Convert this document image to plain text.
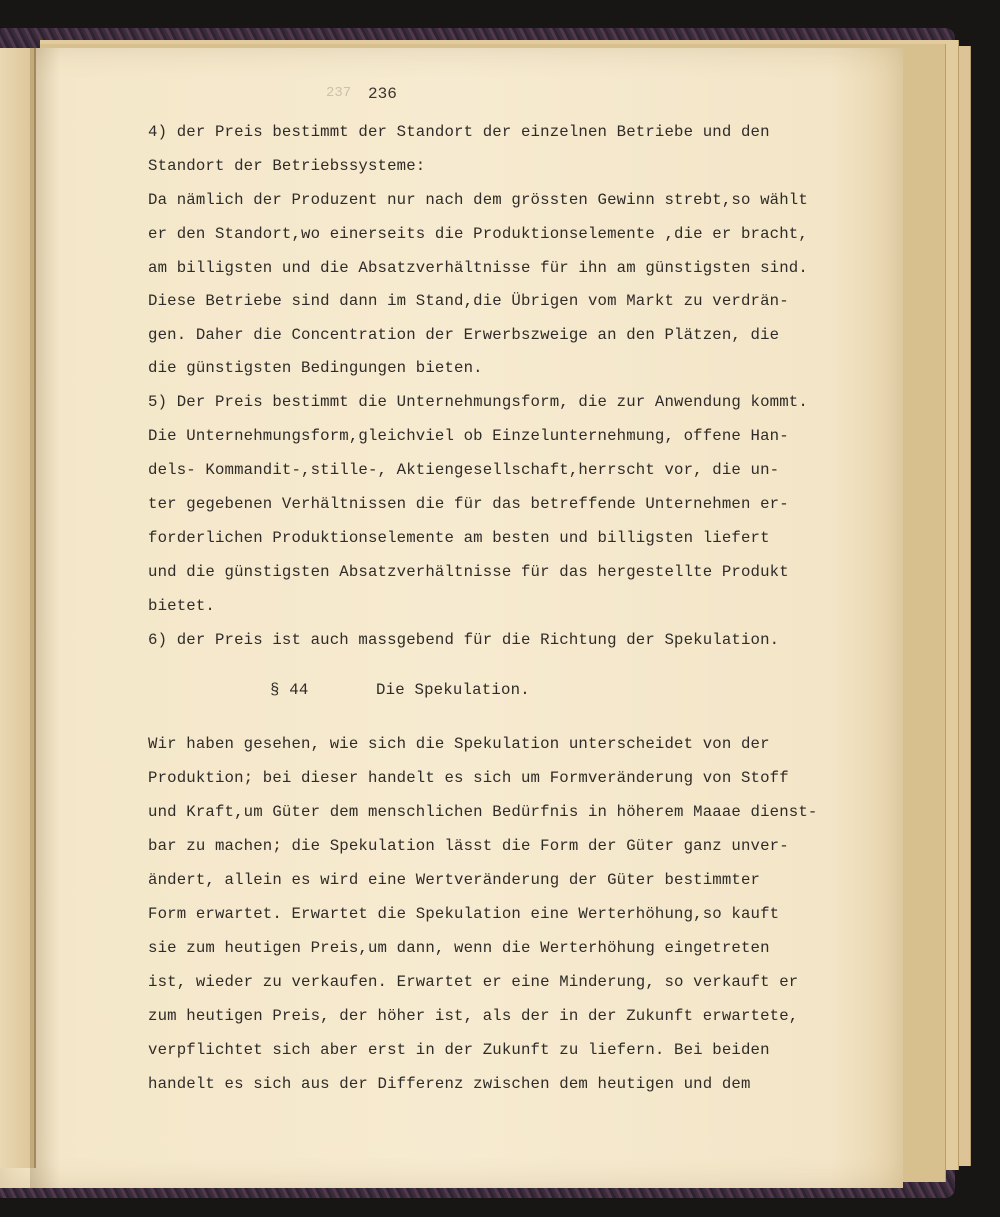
237 236
4) der Preis bestimmt der Standort der einzelnen Betriebe und den
Standort der Betriebssysteme:
Da nämlich der Produzent nur nach dem grössten Gewinn strebt,so wählt
er den Standort,wo einerseits die Produktionselemente ,die er bracht,
am billigsten und die Absatzverhältnisse für ihn am günstigsten sind.
Diese Betriebe sind dann im Stand,die Übrigen vom Markt zu verdrän-
gen. Daher die Concentration der Erwerbszweige an den Plätzen, die
die günstigsten Bedingungen bieten.
5) Der Preis bestimmt die Unternehmungsform, die zur Anwendung kommt.
Die Unternehmungsform,gleichviel ob Einzelunternehmung, offene Han-
dels- Kommandit-,stille-, Aktiengesellschaft,herrscht vor, die un-
ter gegebenen Verhältnissen die für das betreffende Unternehmen er-
forderlichen Produktionselemente am besten und billigsten liefert
und die günstigsten Absatzverhältnisse für das hergestellte Produkt
bietet.
6) der Preis ist auch massgebend für die Richtung der Spekulation.
§ 44	Die Spekulation.
Wir haben gesehen, wie sich die Spekulation unterscheidet von der
Produktion; bei dieser handelt es sich um Formveränderung von Stoff
und Kraft,um Güter dem menschlichen Bedürfnis in höherem Maaae dienst-
bar zu machen; die Spekulation lässt die Form der Güter ganz unver-
ändert, allein es wird eine Wertveränderung der Güter bestimmter
Form erwartet. Erwartet die Spekulation eine Werterhöhung,so kauft
sie zum heutigen Preis,um dann, wenn die Werterhöhung eingetreten
ist, wieder zu verkaufen. Erwartet er eine Minderung, so verkauft er
zum heutigen Preis, der höher ist, als der in der Zukunft erwartete,
verpflichtet sich aber erst in der Zukunft zu liefern. Bei beiden
handelt es sich aus der Differenz zwischen dem heutigen und dem
